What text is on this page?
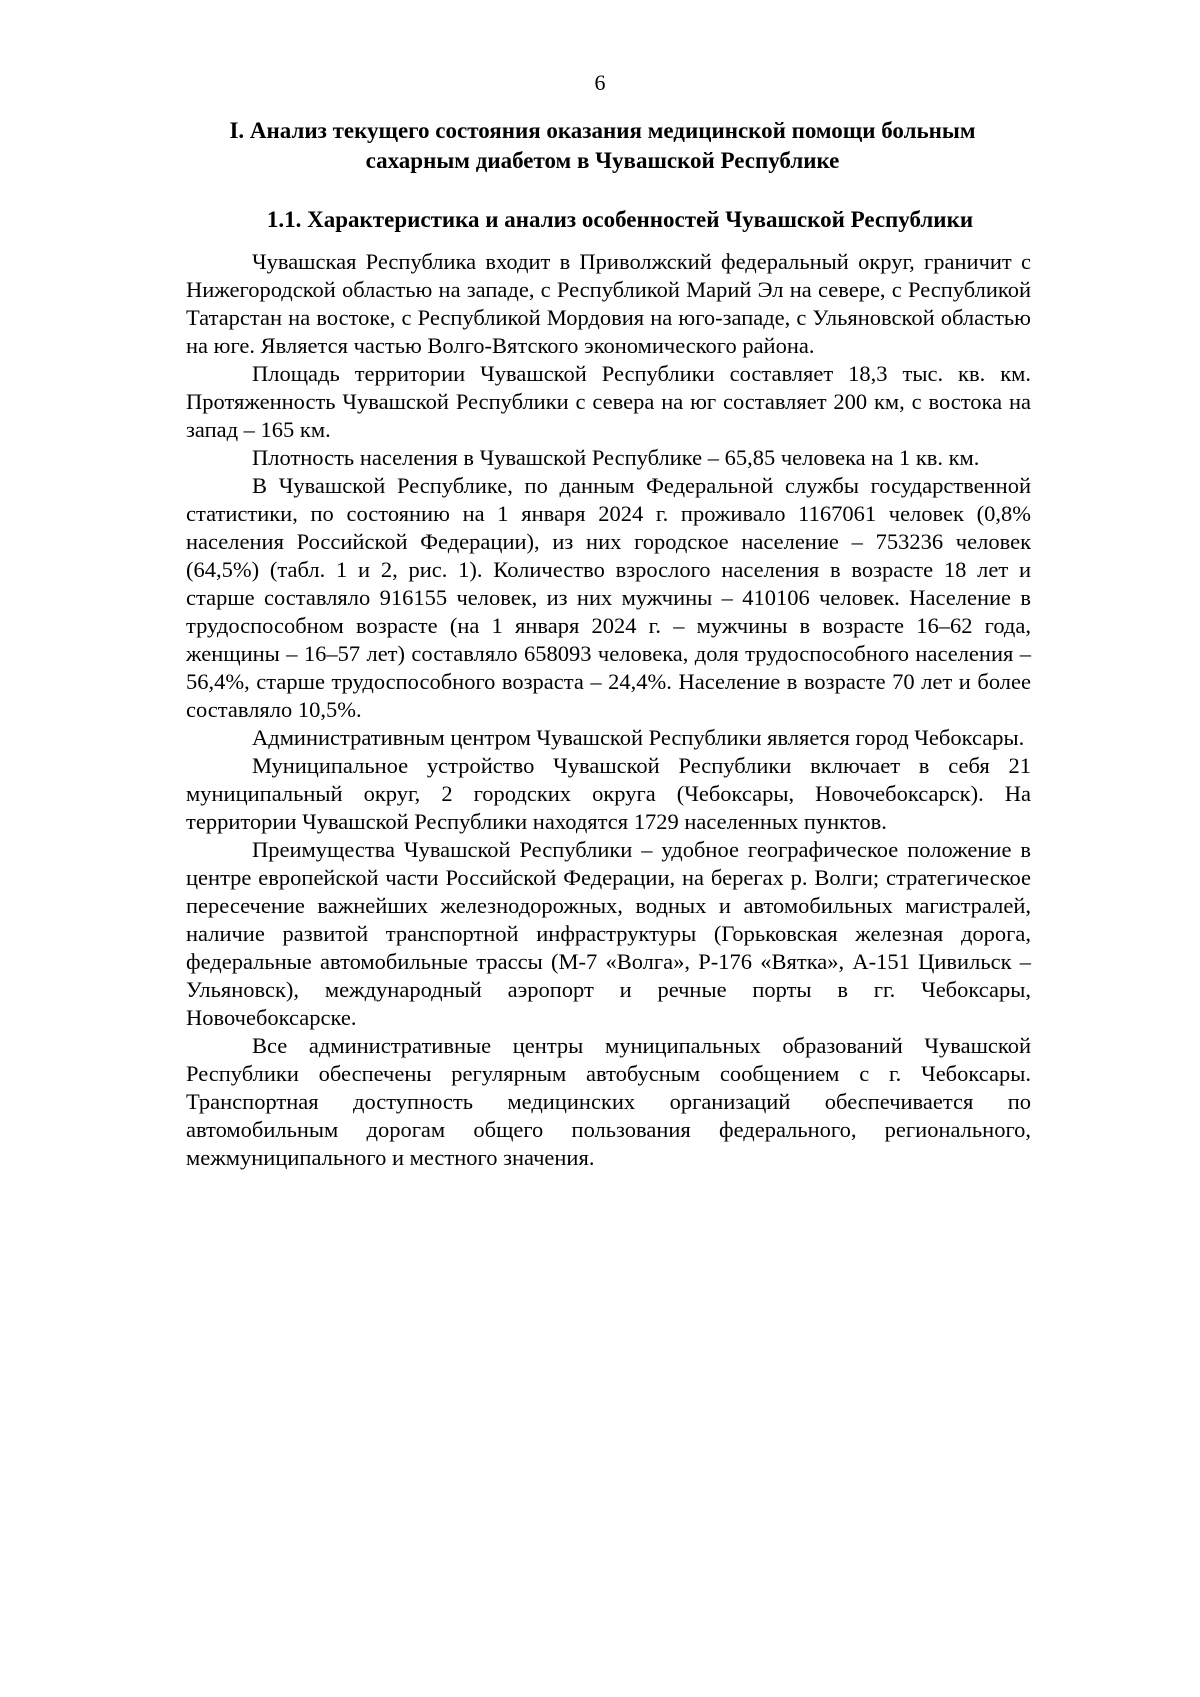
6
I. Анализ текущего состояния оказания медицинской помощи больным сахарным диабетом в Чувашской Республике
1.1. Характеристика и анализ особенностей Чувашской Республики

Чувашская Республика входит в Приволжский федеральный округ, граничит с Нижегородской областью на западе, с Республикой Марий Эл на севере, с Республикой Татарстан на востоке, с Республикой Мордовия на юго-западе, с Ульяновской областью на юге. Является частью Волго-Вятского экономического района.

Площадь территории Чувашской Республики составляет 18,3 тыс. кв. км. Протяженность Чувашской Республики с севера на юг составляет 200 км, с востока на запад – 165 км.

Плотность населения в Чувашской Республике – 65,85 человека на 1 кв. км.

В Чувашской Республике, по данным Федеральной службы государственной статистики, по состоянию на 1 января 2024 г. проживало 1167061 человек (0,8% населения Российской Федерации), из них городское население – 753236 человек (64,5%) (табл. 1 и 2, рис. 1). Количество взрослого населения в возрасте 18 лет и старше составляло 916155 человек, из них мужчины – 410106 человек. Население в трудоспособном возрасте (на 1 января 2024 г. – мужчины в возрасте 16–62 года, женщины – 16–57 лет) составляло 658093 человека, доля трудоспособного населения – 56,4%, старше трудоспособного возраста – 24,4%. Население в возрасте 70 лет и более составляло 10,5%.

Административным центром Чувашской Республики является город Чебоксары.

Муниципальное устройство Чувашской Республики включает в себя 21 муниципальный округ, 2 городских округа (Чебоксары, Новочебоксарск). На территории Чувашской Республики находятся 1729 населенных пунктов.

Преимущества Чувашской Республики – удобное географическое положение в центре европейской части Российской Федерации, на берегах р. Волги; стратегическое пересечение важнейших железнодорожных, водных и автомобильных магистралей, наличие развитой транспортной инфраструктуры (Горьковская железная дорога, федеральные автомобильные трассы (М-7 «Волга», Р-176 «Вятка», А-151 Цивильск – Ульяновск), международный аэропорт и речные порты в гг. Чебоксары, Новочебоксарске.

Все административные центры муниципальных образований Чувашской Республики обеспечены регулярным автобусным сообщением с г. Чебоксары. Транспортная доступность медицинских организаций обеспечивается по автомобильным дорогам общего пользования федерального, регионального, межмуниципального и местного значения.
